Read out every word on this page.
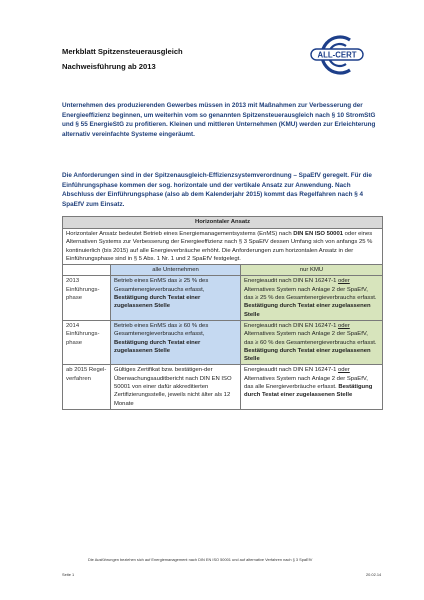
Merkblatt Spitzensteuerausgleich
Nachweisführung ab 2013
ALL-CERT
Unternehmen des produzierenden Gewerbes müssen in 2013 mit Maßnahmen zur Verbesserung der Energieeffizienz beginnen, um weiterhin vom so genannten Spitzensteuerausgleich nach § 10 StromStG und § 55 EnergieStG zu profitieren. Kleinen und mittleren Unternehmen (KMU) werden zur Erleichterung alternativ vereinfachte Systeme eingeräumt.
Die Anforderungen sind in der Spitzenausgleich-Effizienzsystemverordnung – SpaEfV geregelt. Für die Einführungsphase kommen der sog. horizontale und der vertikale Ansatz zur Anwendung. Nach Abschluss der Einführungsphase (also ab dem Kalenderjahr 2015) kommt das Regelfahren nach § 4 SpaEfV zum Einsatz.
Horizontaler Ansatz		
Horizontaler Ansatz bedeutet Betrieb eines Energiemanagementsystems (EnMS) nach DIN EN ISO 50001 oder eines Alternativen Systems zur Verbesserung der Energieeffizienz nach § 3 SpaEfV dessen Umfang sich von anfangs 25 % kontinuierlich (bis 2015) auf alle Energieverbräuche erhöht. Die Anforderungen zum horizontalen Ansatz in der Einführungsphase sind in § 5 Abs. 1 Nr. 1 und 2 SpaEfV festgelegt.		
	alle Unternehmen	nur KMU
2013 Einführungs-phase	Betrieb eines EnMS das ≥ 25 % des Gesamtenergieverbrauchs erfasst, Bestätigung durch Testat einer zugelassenen Stelle	Energieaudit nach DIN EN 16247-1 oder Alternatives System nach Anlage 2 der SpaEfV, das ≥ 25 % des Gesamtenergieverbrauchs erfasst. Bestätigung durch Testat einer zugelassenen Stelle
2014 Einführungs-phase	Betrieb eines EnMS das ≥ 60 % des Gesamtenergieverbrauchs erfasst, Bestätigung durch Testat einer zugelassenen Stelle	Energieaudit nach DIN EN 16247-1 oder Alternatives System nach Anlage 2 der SpaEfV, das ≥ 60 % des Gesamtenergieverbrauchs erfasst. Bestätigung durch Testat einer zugelassenen Stelle
ab 2015 Regel-verfahren	Gültiges Zertifikat bzw. bestätigen-der Überwachungsauditbericht nach DIN EN ISO 50001 von einer dafür akkreditierten Zertifizierungsstelle, jeweils nicht älter als 12 Monate	Energieaudit nach DIN EN 16247-1 oder Alternatives System nach Anlage 2 der SpaEfV, das alle Energieverbräuche erfasst. Bestätigung durch Testat einer zugelassenen Stelle
Die Ausführungen beziehen sich auf Energiemanagement nach DIN EN ISO 50001 und auf alternative Verfahren nach § 3 SpaEfV
Seite 1	20.02.14
